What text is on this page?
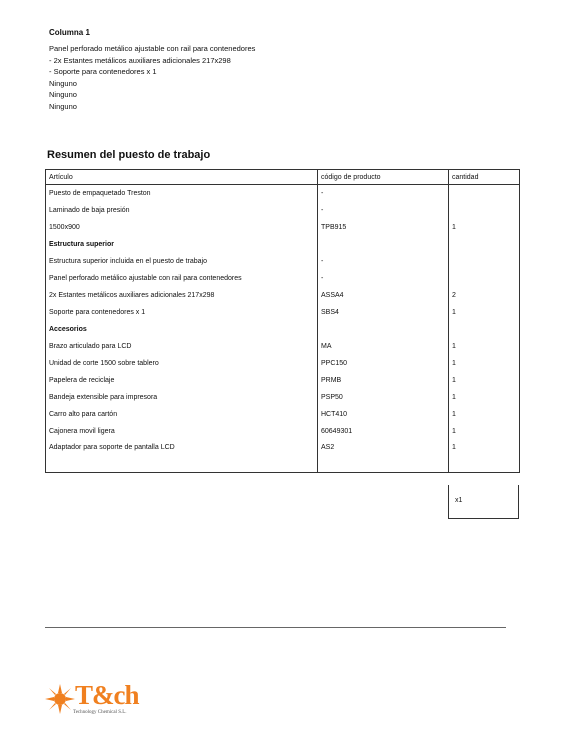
Columna 1
Panel perforado metálico ajustable con rail para contenedores
- 2x Estantes metálicos auxiliares adicionales 217x298
- Soporte para contenedores x 1
Ninguno
Ninguno
Ninguno
Resumen del puesto de trabajo
Artículo	código de producto	cantidad
Puesto de empaquetado Treston	-	
Laminado de baja presión	-	
1500x900	TPB915	1
Estructura superior		
Estructura superior incluida en el puesto de trabajo	-	
Panel perforado metálico ajustable con rail para contenedores	-	
2x Estantes metálicos auxiliares adicionales 217x298	ASSA4	2
Soporte para contenedores x 1	SBS4	1
Accesorios		
Brazo articulado para LCD	MA	1
Unidad de corte 1500 sobre tablero	PPC150	1
Papelera de reciclaje	PRMB	1
Bandeja extensible para impresora	PSP50	1
Carro alto para cartón	HCT410	1
Cajonera movil ligera	60649301	1
Adaptador para soporte de pantalla LCD	AS2	1
x1
T&ch
Technology Chemical S.L.
